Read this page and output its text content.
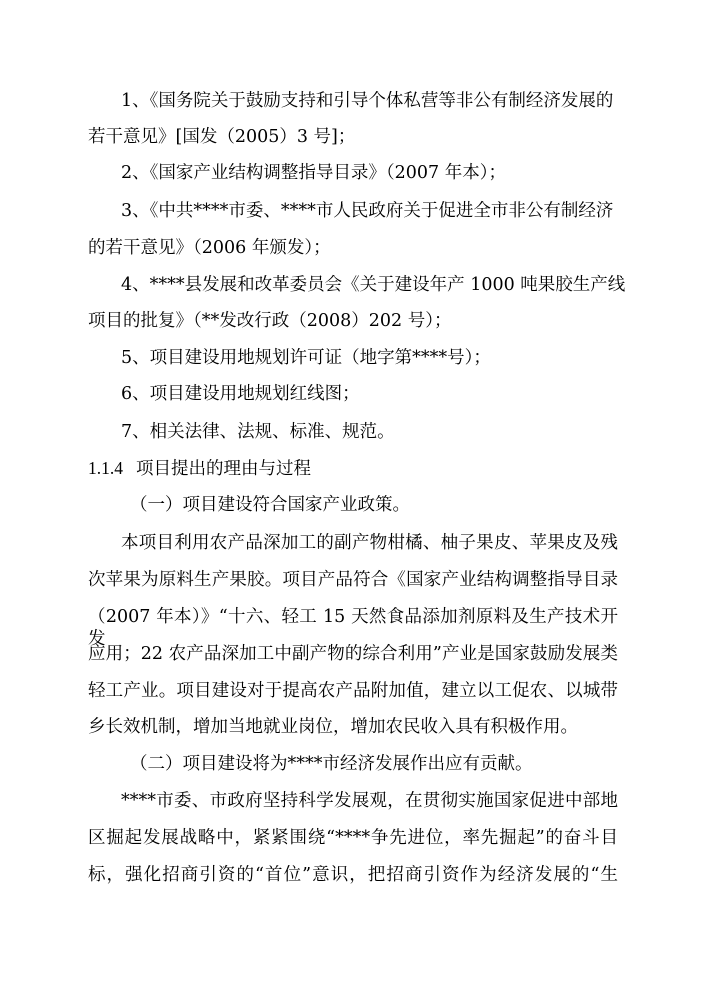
1、《国务院关于鼓励支持和引导个体私营等非公有制经济发展的
若干意见》[国发（2005）3 号]；
2、《国家产业结构调整指导目录》（2007 年本）；
3、《中共****市委、****市人民政府关于促进全市非公有制经济
的若干意见》（2006 年颁发）；
4、****县发展和改革委员会《关于建设年产 1000 吨果胶生产线
项目的批复》（**发改行政（2008）202 号）；
5、项目建设用地规划许可证（地字第****号）；
6、项目建设用地规划红线图；
7、相关法律、法规、标准、规范。
1.1.4 项目提出的理由与过程
（一）项目建设符合国家产业政策。
本项目利用农产品深加工的副产物柑橘、柚子果皮、苹果皮及残
次苹果为原料生产果胶。项目产品符合《国家产业结构调整指导目录
（2007 年本）》“十六、轻工 15 天然食品添加剂原料及生产技术开发
应用；22 农产品深加工中副产物的综合利用”产业是国家鼓励发展类
轻工产业。项目建设对于提高农产品附加值，建立以工促农、以城带
乡长效机制，增加当地就业岗位，增加农民收入具有积极作用。
（二）项目建设将为****市经济发展作出应有贡献。
****市委、市政府坚持科学发展观，在贯彻实施国家促进中部地
区掘起发展战略中，紧紧围绕“****争先进位，率先掘起”的奋斗目
标，强化招商引资的“首位”意识，把招商引资作为经济发展的“生
